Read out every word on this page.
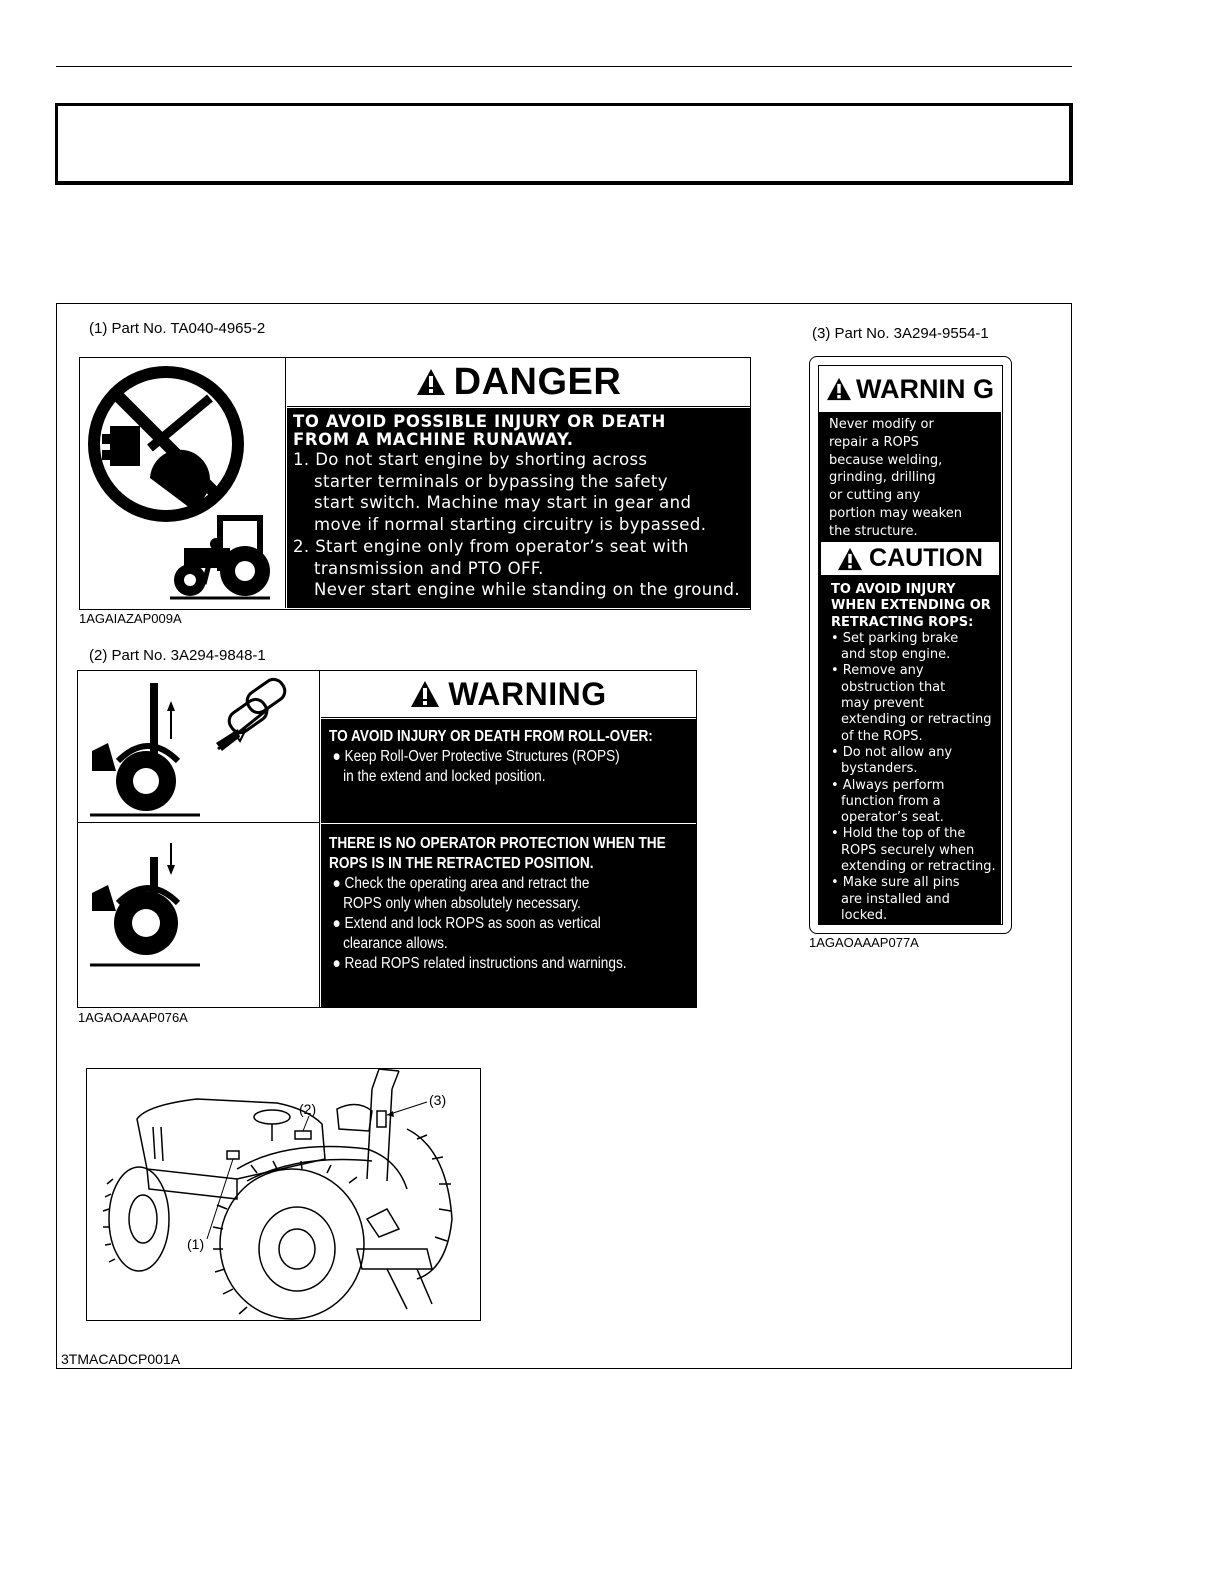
(1) Part No. TA040-4965-2
DANGER
TO AVOID POSSIBLE INJURY OR DEATH
FROM A MACHINE RUNAWAY.
1. Do not start engine by shorting across
starter terminals or bypassing the safety
start switch. Machine may start in gear and
move if normal starting circuitry is bypassed.
2. Start engine only from operator’s seat with
transmission and PTO OFF.
Never start engine while standing on the ground.
1AGAIAZAP009A
(2) Part No. 3A294-9848-1
WARNING
TO AVOID INJURY OR DEATH FROM ROLL-OVER:
● Keep Roll-Over Protective Structures (ROPS)
in the extend and locked position.
THERE IS NO OPERATOR PROTECTION WHEN THE
ROPS IS IN THE RETRACTED POSITION.
● Check the operating area and retract the
ROPS only when absolutely necessary.
● Extend and lock ROPS as soon as vertical
clearance allows.
● Read ROPS related instructions and warnings.
1AGAOAAAP076A
(3) Part No. 3A294-9554-1
WARNIN G
Never modify or
repair a ROPS
because welding,
grinding, drilling
or cutting any
portion may weaken
the structure.
CAUTION
TO AVOID INJURY
WHEN EXTENDING OR
RETRACTING ROPS:
• Set parking brake
and stop engine.
• Remove any
obstruction that
may prevent
extending or retracting
of the ROPS.
• Do not allow any
bystanders.
• Always perform
function from a
operator’s seat.
• Hold the top of the
ROPS securely when
extending or retracting.
• Make sure all pins
are installed and
locked.
1AGAOAAAP077A
(2)
(3)
(1)
3TMACADCP001A
